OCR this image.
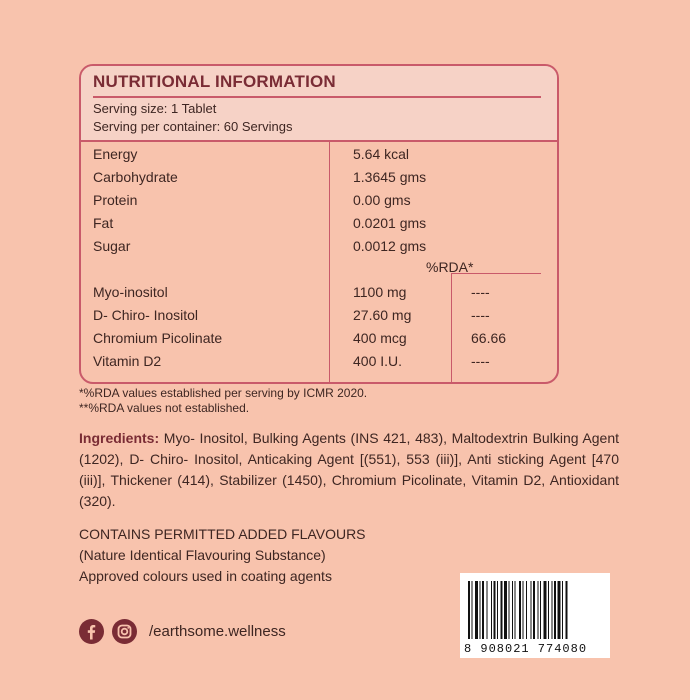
NUTRITIONAL INFORMATION
Serving size: 1 Tablet
Serving per container: 60 Servings
Energy	5.64 kcal
Carbohydrate	1.3645 gms
Protein	0.00 gms
Fat	0.0201 gms
Sugar	0.0012 gms
%RDA*
Myo-inositol	1100 mg	----
D- Chiro- Inositol	27.60 mg	----
Chromium Picolinate	400 mcg	66.66
Vitamin D2	400 I.U.	----
*%RDA values established per serving by ICMR 2020.
**%RDA values not established.
Ingredients: Myo- Inositol, Bulking Agents (INS 421, 483), Maltodextrin Bulking Agent (1202), D- Chiro- Inositol, Anticaking Agent [(551), 553 (iii)], Anti sticking Agent [470 (iii)], Thickener (414), Stabilizer (1450), Chromium Picolinate, Vitamin D2, Antioxidant (320).
CONTAINS PERMITTED ADDED FLAVOURS
(Nature Identical Flavouring Substance)
Approved colours used in coating agents
/earthsome.wellness
8 908021 774080
